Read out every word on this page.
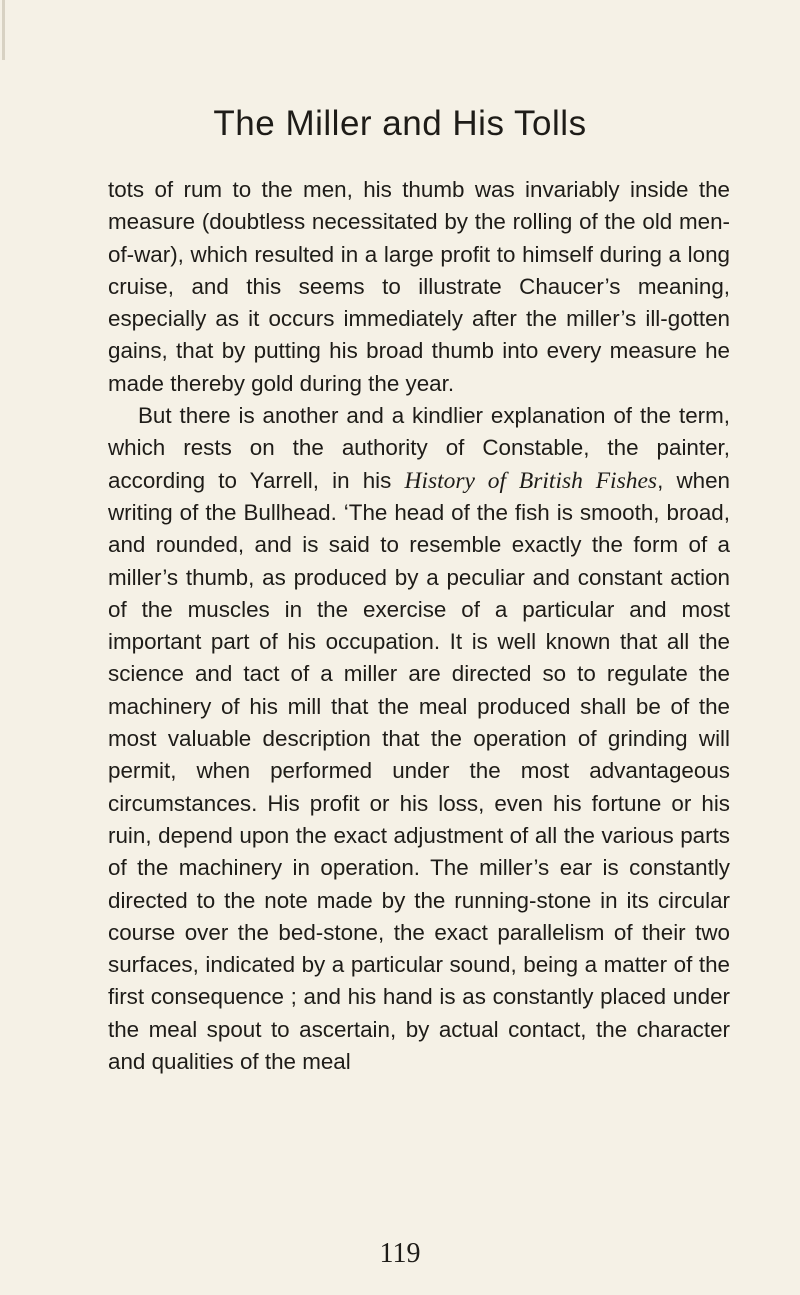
The Miller and His Tolls

tots of rum to the men, his thumb was invariably inside the measure (doubtless necessitated by the rolling of the old men-of-war), which resulted in a large profit to himself during a long cruise, and this seems to illustrate Chaucer’s meaning, especially as it occurs immediately after the miller’s ill-gotten gains, that by putting his broad thumb into every measure he made thereby gold during the year.

But there is another and a kindlier explanation of the term, which rests on the authority of Constable, the painter, according to Yarrell, in his History of British Fishes, when writing of the Bullhead. ‘The head of the fish is smooth, broad, and rounded, and is said to resemble exactly the form of a miller’s thumb, as produced by a peculiar and constant action of the muscles in the exercise of a particular and most important part of his occupation. It is well known that all the science and tact of a miller are directed so to regulate the machinery of his mill that the meal produced shall be of the most valuable description that the operation of grinding will permit, when performed under the most advantageous circumstances. His profit or his loss, even his fortune or his ruin, depend upon the exact adjustment of all the various parts of the machinery in operation. The miller’s ear is constantly directed to the note made by the running-stone in its circular course over the bed-stone, the exact parallelism of their two surfaces, indicated by a particular sound, being a matter of the first consequence ; and his hand is as constantly placed under the meal spout to ascertain, by actual contact, the character and qualities of the meal

119
